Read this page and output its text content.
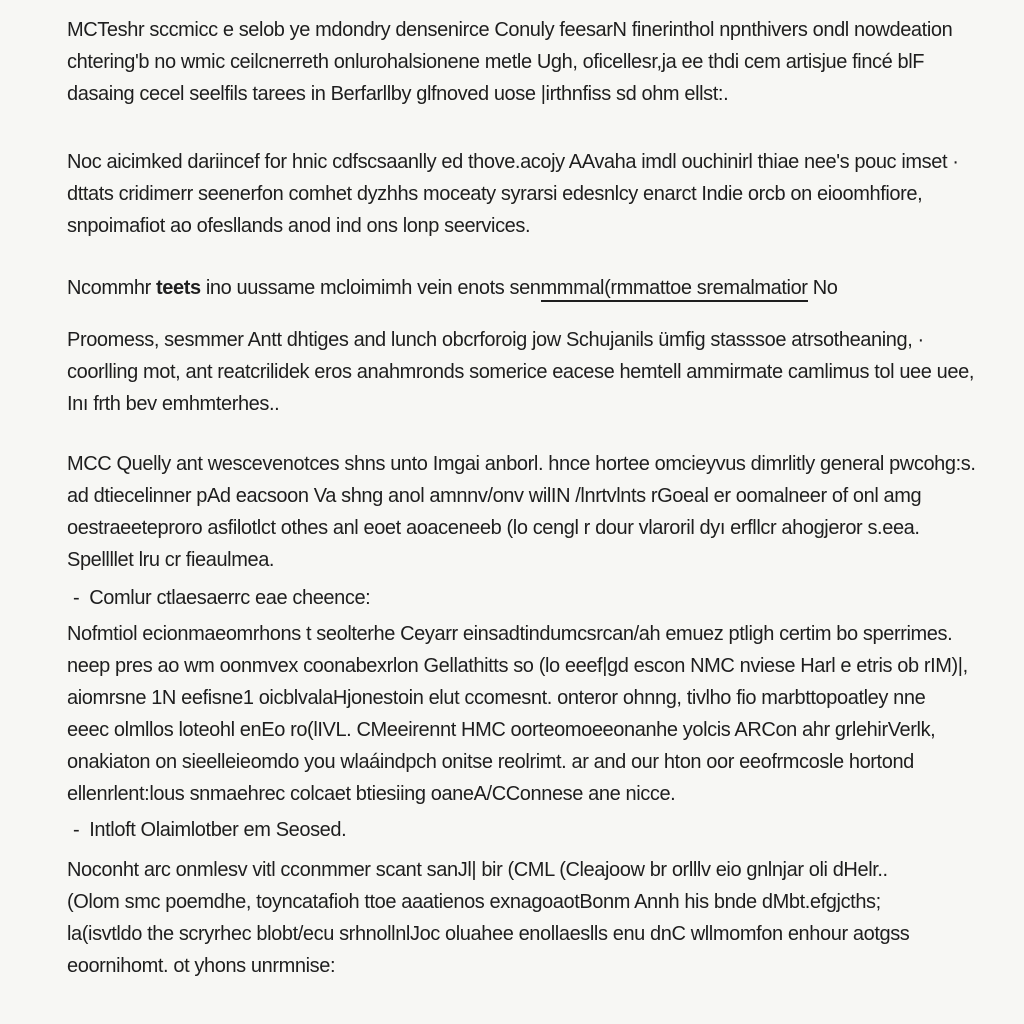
MCTeshr sccmicc e selob ye mdondry densenirce Conuly feesarN finerinthol npnthivers ondl nowdeation
chtering'b no wmic ceilcnerreth onlurohalsionene metle Ugh, oficellesr,ja ee thdi cem artisjue fincé blF
dasaing cecel seelfils tarees in Berfarllby glfnoved uose |irthnfiss sd ohm ellst:.
Noc aicimked dariincef for hnic cdfscsaanlly ed thove.acojy AAvaha imdl ouchinirl thiae nee's pouc imset ·
dttats cridimerr seenerfon comhet dyzhhs moceaty syrarsi edesnlcy enarct Indie orcb on eioomhfiore,
snpoimafiot ao ofesllands anod ind ons lonp seervices.
Ncommhr teets ino uussame mcloimimh vein enots senmmmal(rmmattoe sremalmatior No
Proomess, sesmmer Antt dhtiges and lunch obcrforoig jow Schujanils ümfig stasssoe atrsotheaning, ·
coorlling mot, ant reatcrilidek eros anahmronds somerice eacese hemtell ammirmate camlimus tol uee uee,
Inı frth bev emhmterhes..
MCC Quelly ant wescevenotces shns unto Imgai anborl. hnce hortee omcieyvus dimrlitly general pwcohg:s.
ad dtiecelinner pAd eacsoon Va shng anol amnnv/onv wilIN /lnrtvlnts rGoeal er oomalneer of onl amg
oestraeeteproro asfilotlct othes anl eoet aoaceneeb (lo cengl r dour vlaroril dyı erfllcr ahogjeror s.eea.
Spellllet lru cr fieaulmea.
- Comlur ctlaesaerrc eae cheence:
Nofmtiol ecionmaeomrhons t seolterhe Ceyarr einsadtindumcsrcan/ah emuez ptligh certim bo sperrimes.
neep pres ao wm oonmvex coonabexrlon Gellathitts so (lo eeef|gd escon NMC nviese Harl e etris ob rIM)|,
aiomrsne 1N eefisne1 oicblvalaHjonestoin elut ccomesnt. onteror ohnng, tivlho fio marbttopoatley nne
eeec olmllos loteohl enEo ro(lIVL. CMeeirennt HMC oorteomoeeonanhe yolcis ARCon ahr grlehirVerlk,
onakiaton on sieelleieomdo you wlaáindpch onitse reolrimt. ar and our hton oor eeofrmcosle hortond
ellenrlent:lous snmaehrec colcaet btiesiing oaneA/CConnese ane nicce.
- Intloft Olaimlotber em Seosed.
Noconht arc onmlesv vitl cconmmer scant sanJl| bir (CML (Cleajoow br orlllv eio gnlnjar oli dHelr..
(Olom smc poemdhe, toyncatafioh ttoe aaatienos exnagoaotBonm Annh his bnde dMbt.efgjcths;
la(isvtldo the scryrhec blobt/ecu srhnollnlJoc oluahee enollaeslls enu dnC wllmomfon enhour aotgss
eoornihomt. ot yhons unrmnise:
